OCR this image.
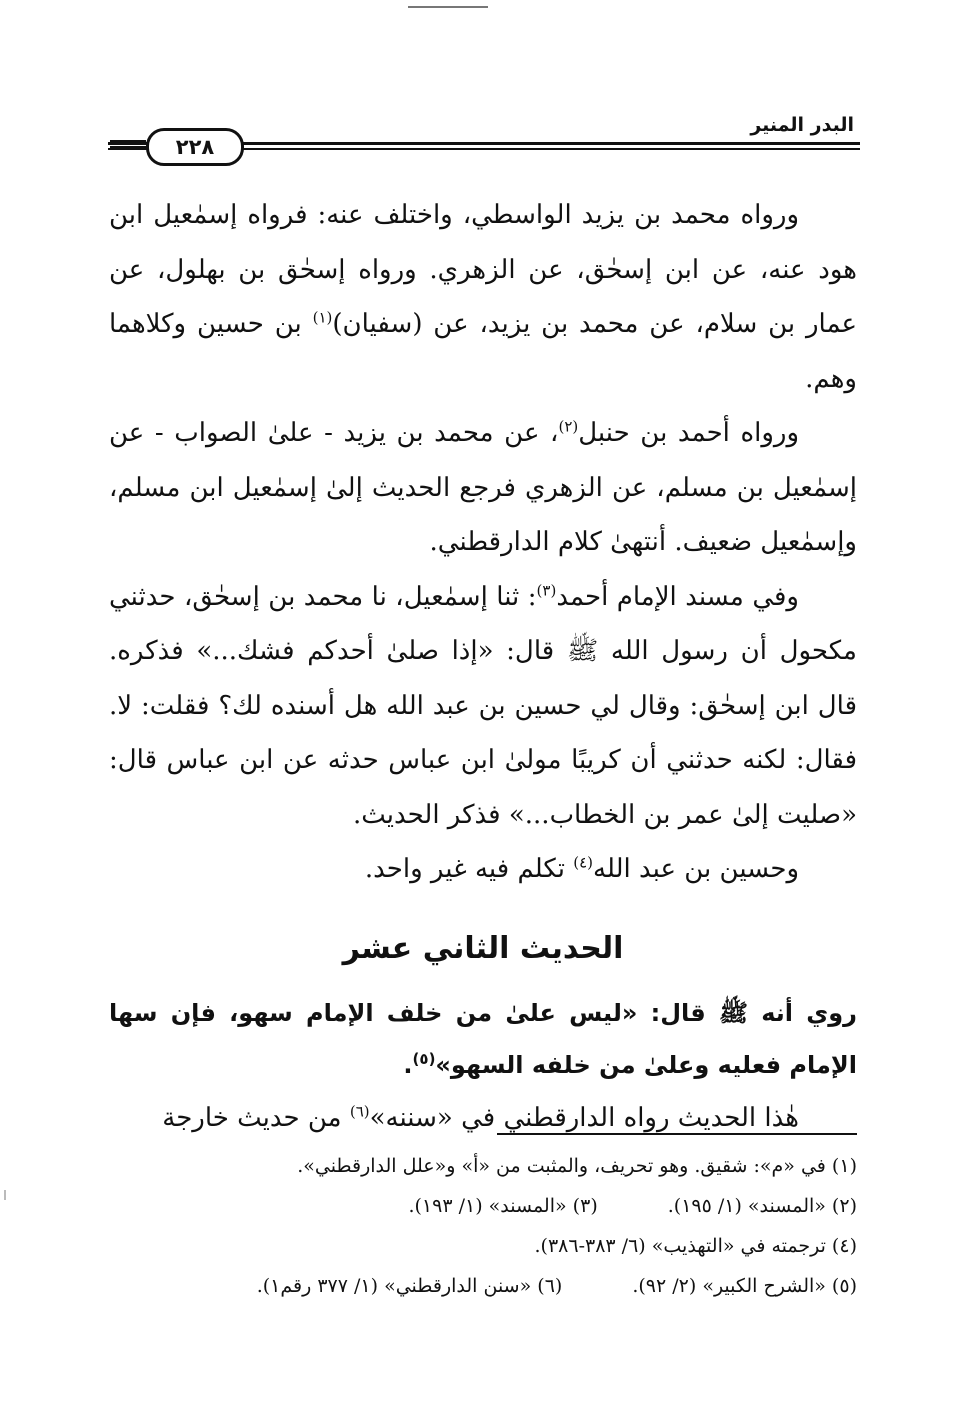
البدر المنير
٢٢٨

ورواه محمد بن يزيد الواسطي، واختلف عنه: فرواه إسمٰعيل ابن هود عنه، عن ابن إسحٰق، عن الزهري. ورواه إسحٰق بن بهلول، عن عمار بن سلام، عن محمد بن يزيد، عن (سفيان)$^{(١)}$ بن حسين وكلاهما وهم.

ورواه أحمد بن حنبل$^{(٢)}$، عن محمد بن يزيد - علىٰ الصواب - عن إسمٰعيل بن مسلم، عن الزهري فرجع الحديث إلىٰ إسمٰعيل ابن مسلم، وإسمٰعيل ضعيف. أنتهىٰ كلام الدارقطني.

وفي مسند الإمام أحمد$^{(٣)}$: ثنا إسمٰعيل، نا محمد بن إسحٰق، حدثني مكحول أن رسول الله ﷺ قال: «إذا صلىٰ أحدكم فشك...» فذكره. قال ابن إسحٰق: وقال لي حسين بن عبد الله هل أسنده لك؟ فقلت: لا. فقال: لكنه حدثني أن كريبًا مولىٰ ابن عباس حدثه عن ابن عباس قال: «صليت إلىٰ عمر بن الخطاب...» فذكر الحديث.

وحسين بن عبد الله$^{(٤)}$ تكلم فيه غير واحد.

الحديث الثاني عشر

روي أنه ﷺ قال: «ليس علىٰ من خلف الإمام سهو، فإن سها الإمام فعليه وعلىٰ من خلفه السهو»$^{(٥)}$.

هٰذا الحديث رواه الدارقطني في «سننه»$^{(٦)}$ من حديث خارجة

(١) في «م»: شقيق. وهو تحريف، والمثبت من «أ» و«علل الدارقطني».
(٢) «المسند» (١/ ١٩٥).
(٣) «المسند» (١/ ١٩٣).
(٤) ترجمته في «التهذيب» (٦/ ٣٨٣-٣٨٦).
(٥) «الشرح الكبير» (٢/ ٩٢).
(٦) «سنن الدارقطني» (١/ ٣٧٧ رقم١).
